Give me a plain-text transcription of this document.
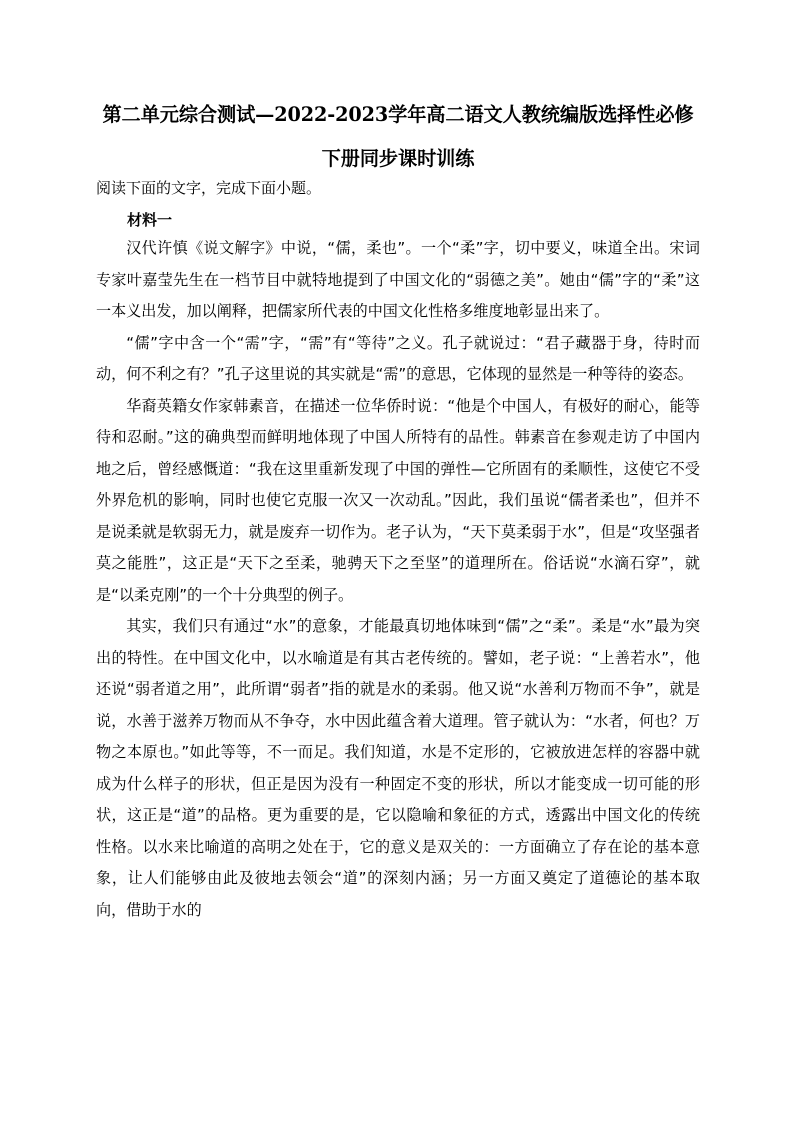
第二单元综合测试—2022-2023学年高二语文人教统编版选择性必修
下册同步课时训练
阅读下面的文字，完成下面小题。
材料一

汉代许慎《说文解字》中说，“儒，柔也”。一个“柔”字，切中要义，味道全出。宋词专家叶嘉莹先生在一档节目中就特地提到了中国文化的“弱德之美”。她由“儒”字的“柔”这一本义出发，加以阐释，把儒家所代表的中国文化性格多维度地彰显出来了。

“儒”字中含一个“需”字，“需”有“等待”之义。孔子就说过：“君子藏器于身，待时而动，何不利之有？”孔子这里说的其实就是“需”的意思，它体现的显然是一种等待的姿态。

华裔英籍女作家韩素音，在描述一位华侨时说：“他是个中国人，有极好的耐心，能等待和忍耐。”这的确典型而鲜明地体现了中国人所特有的品性。韩素音在参观走访了中国内地之后，曾经感慨道：“我在这里重新发现了中国的弹性—它所固有的柔顺性，这使它不受外界危机的影响，同时也使它克服一次又一次动乱。”因此，我们虽说“儒者柔也”，但并不是说柔就是软弱无力，就是废弃一切作为。老子认为，“天下莫柔弱于水”，但是“攻坚强者莫之能胜”，这正是“天下之至柔，驰骋天下之至坚”的道理所在。俗话说“水滴石穿”，就是“以柔克刚”的一个十分典型的例子。

其实，我们只有通过“水”的意象，才能最真切地体味到“儒”之“柔”。柔是“水”最为突出的特性。在中国文化中，以水喻道是有其古老传统的。譬如，老子说：“上善若水”，他还说“弱者道之用”，此所谓“弱者”指的就是水的柔弱。他又说“水善利万物而不争”，就是说，水善于滋养万物而从不争夺，水中因此蕴含着大道理。管子就认为：“水者，何也？万物之本原也。”如此等等，不一而足。我们知道，水是不定形的，它被放进怎样的容器中就成为什么样子的形状，但正是因为没有一种固定不变的形状，所以才能变成一切可能的形状，这正是“道”的品格。更为重要的是，它以隐喻和象征的方式，透露出中国文化的传统性格。以水来比喻道的高明之处在于，它的意义是双关的：一方面确立了存在论的基本意象，让人们能够由此及彼地去领会“道”的深刻内涵；另一方面又奠定了道德论的基本取向，借助于水的
